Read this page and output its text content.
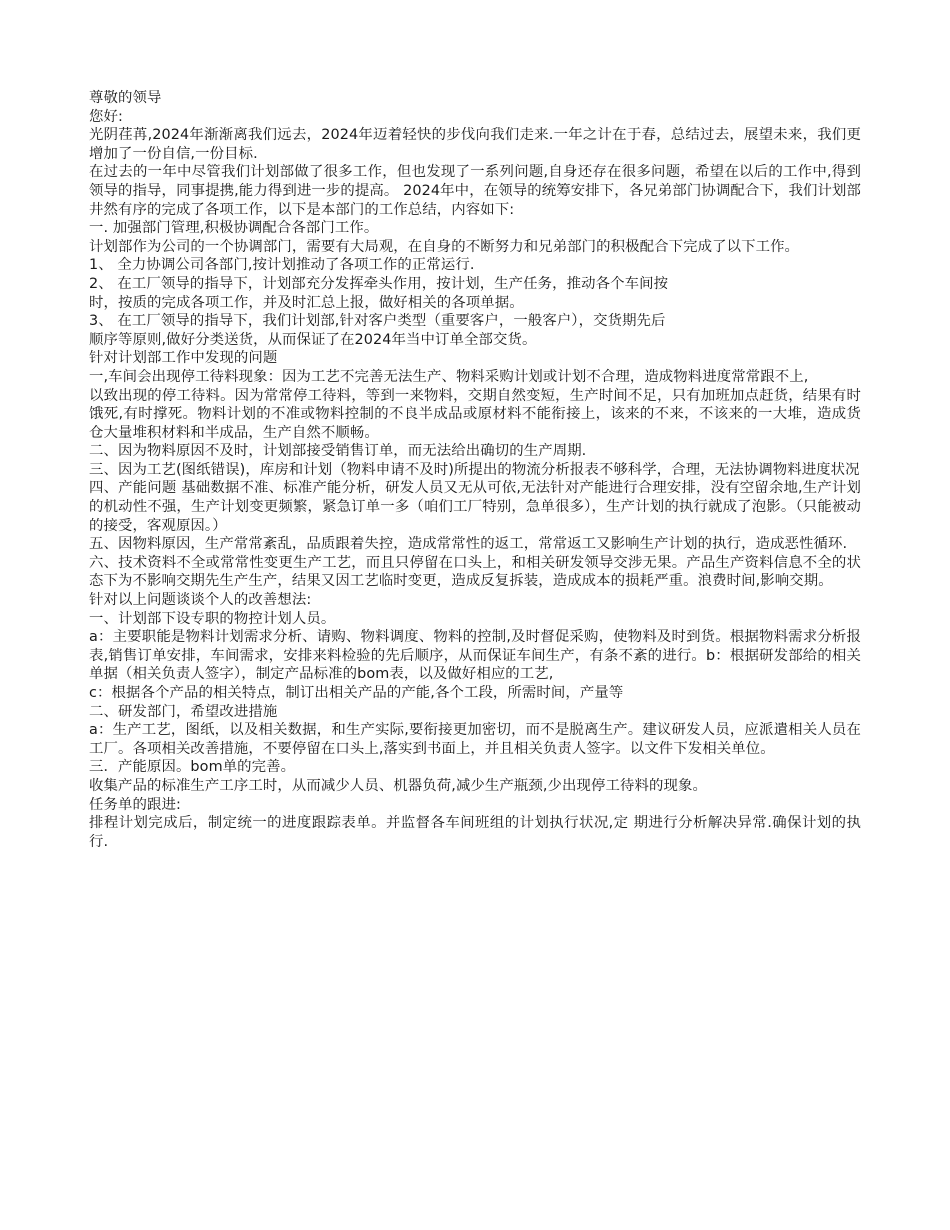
尊敬的领导

您好:

光阴荏苒,2024年渐渐离我们远去，2024年迈着轻快的步伐向我们走来.一年之计在于春，总结过去，展望未来，我们更增加了一份自信,一份目标.

在过去的一年中尽管我们计划部做了很多工作，但也发现了一系列问题,自身还存在很多问题，希望在以后的工作中,得到领导的指导，同事提携,能力得到进一步的提高。 2024年中，在领导的统筹安排下，各兄弟部门协调配合下，我们计划部井然有序的完成了各项工作，以下是本部门的工作总结，内容如下:

一. 加强部门管理,积极协调配合各部门工作。

计划部作为公司的一个协调部门，需要有大局观，在自身的不断努力和兄弟部门的积极配合下完成了以下工作。

1、 全力协调公司各部门,按计划推动了各项工作的正常运行.

2、 在工厂领导的指导下，计划部充分发挥牵头作用，按计划，生产任务，推动各个车间按

时，按质的完成各项工作，并及时汇总上报，做好相关的各项单据。

3、 在工厂领导的指导下，我们计划部,针对客户类型（重要客户，一般客户），交货期先后

顺序等原则,做好分类送货，从而保证了在2024年当中订单全部交货。

针对计划部工作中发现的问题

一,车间会出现停工待料现象：因为工艺不完善无法生产、物料采购计划或计划不合理，造成物料进度常常跟不上,

以致出现的停工待料。因为常常停工待料，等到一来物料，交期自然变短，生产时间不足，只有加班加点赶货，结果有时饿死,有时撑死。物料计划的不准或物料控制的不良半成品或原材料不能衔接上，该来的不来，不该来的一大堆，造成货仓大量堆积材料和半成品，生产自然不顺畅。

二、因为物料原因不及时，计划部接受销售订单，而无法给出确切的生产周期.

三、因为工艺(图纸错误)，库房和计划（物料申请不及时)所提出的物流分析报表不够科学，合理，无法协调物料进度状况

四、产能问题 基础数据不准、标准产能分析，研发人员又无从可依,无法针对产能进行合理安排，没有空留余地,生产计划的机动性不强，生产计划变更频繁，紧急订单一多（咱们工厂特别，急单很多），生产计划的执行就成了泡影。（只能被动的接受，客观原因。）

五、因物料原因，生产常常紊乱，品质跟着失控，造成常常性的返工，常常返工又影响生产计划的执行，造成恶性循环.

六、技术资料不全或常常性变更生产工艺，而且只停留在口头上，和相关研发领导交涉无果。产品生产资料信息不全的状态下为不影响交期先生产生产，结果又因工艺临时变更，造成反复拆装，造成成本的损耗严重。浪费时间,影响交期。

针对以上问题谈谈个人的改善想法:

一、计划部下设专职的物控计划人员。

a：主要职能是物料计划需求分析、请购、物料调度、物料的控制,及时督促采购，使物料及时到货。根据物料需求分析报表,销售订单安排，车间需求，安排来料检验的先后顺序，从而保证车间生产，有条不紊的进行。b：根据研发部给的相关单据（相关负责人签字），制定产品标准的bom表，以及做好相应的工艺,

c：根据各个产品的相关特点，制订出相关产品的产能,各个工段，所需时间，产量等

二、研发部门，希望改进措施

a：生产工艺，图纸，以及相关数据，和生产实际,要衔接更加密切，而不是脱离生产。建议研发人员，应派遣相关人员在工厂。各项相关改善措施，不要停留在口头上,落实到书面上，并且相关负责人签字。以文件下发相关单位。

三．产能原因。bom单的完善。

收集产品的标准生产工序工时，从而减少人员、机器负荷,减少生产瓶颈,少出现停工待料的现象。

任务单的跟进:

排程计划完成后，制定统一的进度跟踪表单。并监督各车间班组的计划执行状况,定 期进行分析解决异常.确保计划的执行.
